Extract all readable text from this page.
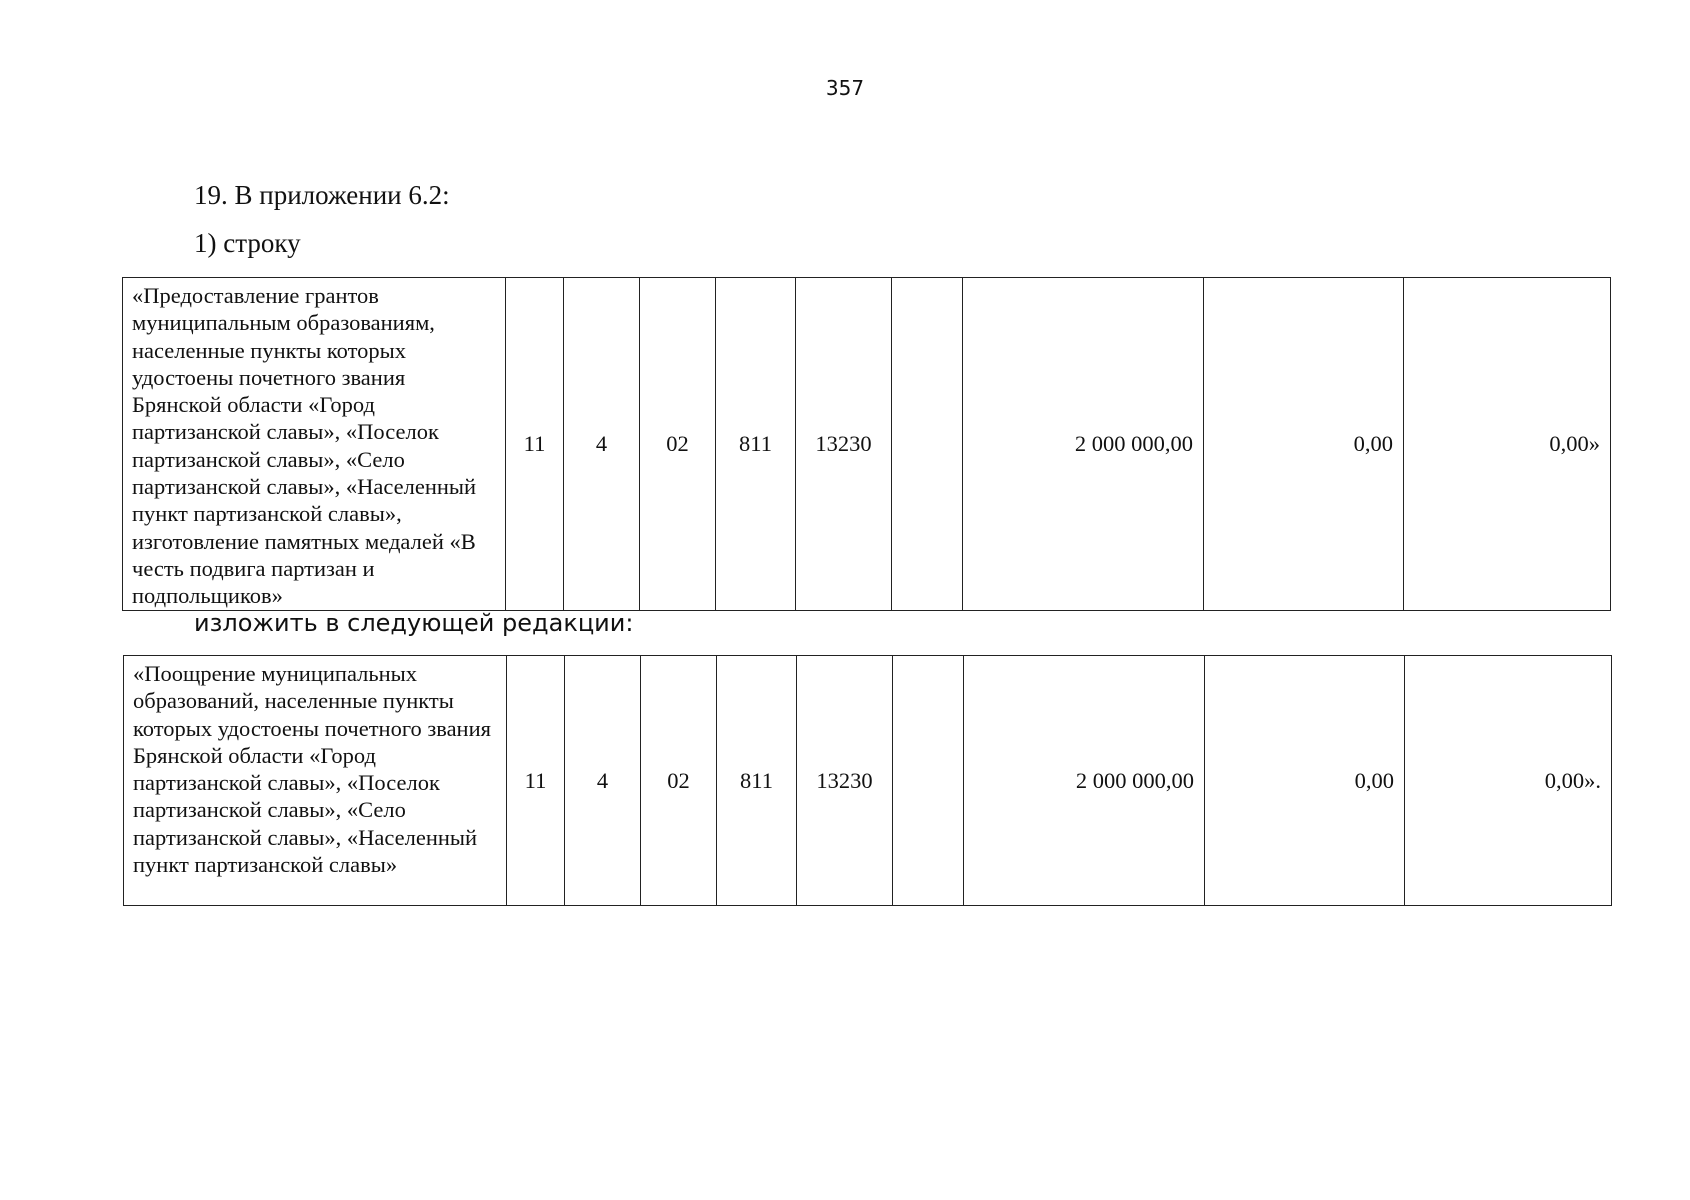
357
19. В приложении 6.2:
1) строку
«Предоставление грантов муниципальным образованиям, населенные пункты которых удостоены почетного звания Брянской области «Город партизанской славы», «Поселок партизанской славы», «Село партизанской славы», «Населенный пункт партизанской славы», изготовление памятных медалей «В честь подвига партизан и подпольщиков»	11	4	02	811	13230		2 000 000,00	0,00	0,00»
изложить в следующей редакции:
«Поощрение муниципальных образований, населенные пункты которых удостоены почетного звания Брянской области «Город партизанской славы», «Поселок партизанской славы», «Село партизанской славы», «Населенный пункт партизанской славы»	11	4	02	811	13230		2 000 000,00	0,00	0,00».
